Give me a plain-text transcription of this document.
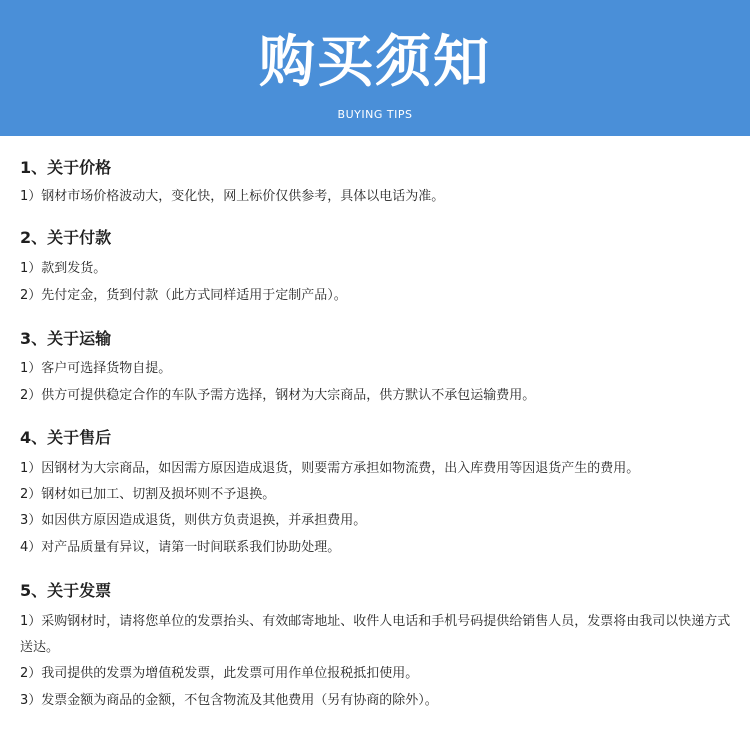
购买须知
BUYING TIPS
1、关于价格
1）钢材市场价格波动大，变化快，网上标价仅供参考，具体以电话为准。
2、关于付款
1）款到发货。
2）先付定金，货到付款（此方式同样适用于定制产品）。
3、关于运输
1）客户可选择货物自提。
2）供方可提供稳定合作的车队予需方选择，钢材为大宗商品，供方默认不承包运输费用。
4、关于售后
1）因钢材为大宗商品，如因需方原因造成退货，则要需方承担如物流费，出入库费用等因退货产生的费用。
2）钢材如已加工、切割及损坏则不予退换。
3）如因供方原因造成退货，则供方负责退换，并承担费用。
4）对产品质量有异议，请第一时间联系我们协助处理。
5、关于发票
1）采购钢材时，请将您单位的发票抬头、有效邮寄地址、收件人电话和手机号码提供给销售人员，发票将由我司以快递方式送达。
2）我司提供的发票为增值税发票，此发票可用作单位报税抵扣使用。
3）发票金额为商品的金额，不包含物流及其他费用（另有协商的除外）。
